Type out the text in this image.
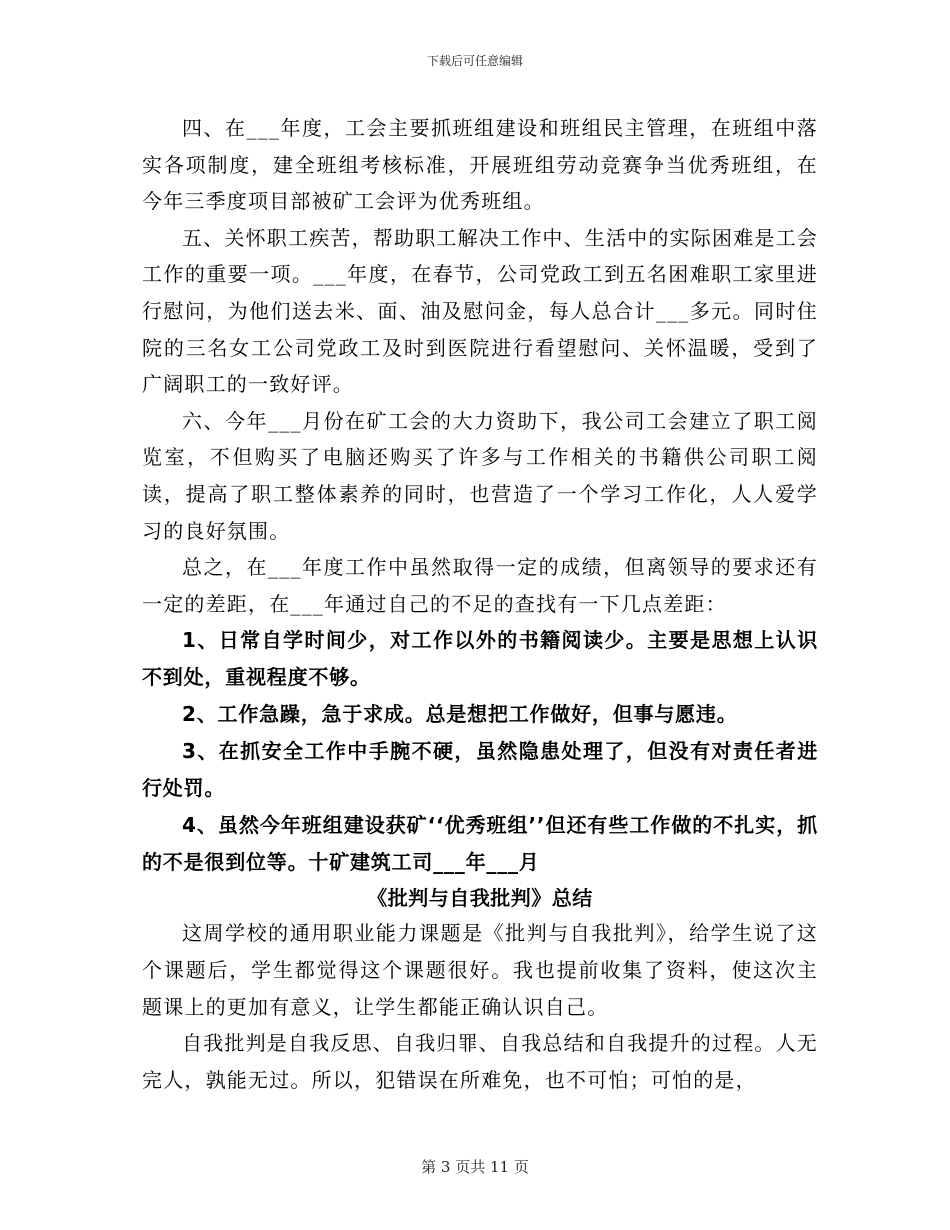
下载后可任意编辑

四、在___年度，工会主要抓班组建设和班组民主管理，在班组中落实各项制度，建全班组考核标准，开展班组劳动竞赛争当优秀班组，在今年三季度项目部被矿工会评为优秀班组。

五、关怀职工疾苦，帮助职工解决工作中、生活中的实际困难是工会工作的重要一项。___年度，在春节，公司党政工到五名困难职工家里进行慰问，为他们送去米、面、油及慰问金，每人总合计___多元。同时住院的三名女工公司党政工及时到医院进行看望慰问、关怀温暖，受到了广阔职工的一致好评。

六、今年___月份在矿工会的大力资助下，我公司工会建立了职工阅览室，不但购买了电脑还购买了许多与工作相关的书籍供公司职工阅读，提高了职工整体素养的同时，也营造了一个学习工作化，人人爱学习的良好氛围。

总之，在___年度工作中虽然取得一定的成绩，但离领导的要求还有一定的差距，在___年通过自己的不足的查找有一下几点差距：

1、日常自学时间少，对工作以外的书籍阅读少。主要是思想上认识不到处，重视程度不够。

2、工作急躁，急于求成。总是想把工作做好，但事与愿违。

3、在抓安全工作中手腕不硬，虽然隐患处理了，但没有对责任者进行处罚。

4、虽然今年班组建设获矿‘‘优秀班组’’但还有些工作做的不扎实，抓的不是很到位等。十矿建筑工司___年___月

《批判与自我批判》总结

这周学校的通用职业能力课题是《批判与自我批判》，给学生说了这个课题后，学生都觉得这个课题很好。我也提前收集了资料，使这次主题课上的更加有意义，让学生都能正确认识自己。

自我批判是自我反思、自我归罪、自我总结和自我提升的过程。人无完人，孰能无过。所以，犯错误在所难免，也不可怕；可怕的是，

第 3 页共 11 页
